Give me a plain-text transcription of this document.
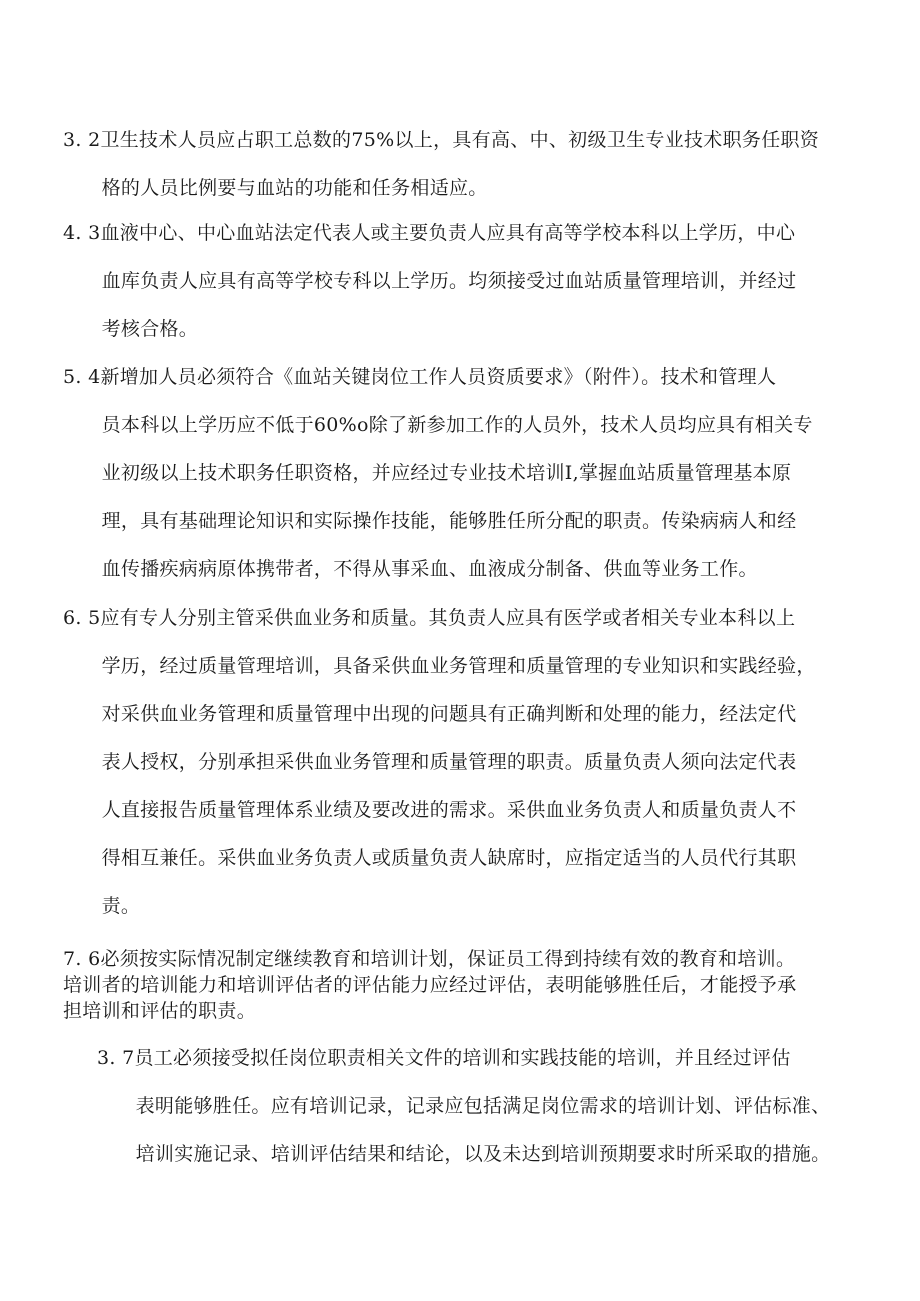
3. 2卫生技术人员应占职工总数的75%以上，具有高、中、初级卫生专业技术职务任职资
　　格的人员比例要与血站的功能和任务相适应。

4. 3血液中心、中心血站法定代表人或主要负责人应具有高等学校本科以上学历，中心
　　血库负责人应具有高等学校专科以上学历。均须接受过血站质量管理培训，并经过
　　考核合格。

5. 4新增加人员必须符合《血站关键岗位工作人员资质要求》（附件）。技术和管理人
　　员本科以上学历应不低于60%o除了新参加工作的人员外，技术人员均应具有相关专
　　业初级以上技术职务任职资格，并应经过专业技术培训I,掌握血站质量管理基本原
　　理，具有基础理论知识和实际操作技能，能够胜任所分配的职责。传染病病人和经
　　血传播疾病病原体携带者，不得从事采血、血液成分制备、供血等业务工作。

6. 5应有专人分别主管采供血业务和质量。其负责人应具有医学或者相关专业本科以上
　　学历，经过质量管理培训，具备采供血业务管理和质量管理的专业知识和实践经验，
　　对采供血业务管理和质量管理中出现的问题具有正确判断和处理的能力，经法定代
　　表人授权，分别承担采供血业务管理和质量管理的职责。质量负责人须向法定代表
　　人直接报告质量管理体系业绩及要改进的需求。采供血业务负责人和质量负责人不
　　得相互兼任。采供血业务负责人或质量负责人缺席时，应指定适当的人员代行其职
　　责。

7. 6必须按实际情况制定继续教育和培训计划，保证员工得到持续有效的教育和培训。
培训者的培训能力和培训评估者的评估能力应经过评估，表明能够胜任后，才能授予承
担培训和评估的职责。

3. 7员工必须接受拟任岗位职责相关文件的培训和实践技能的培训，并且经过评估
　　表明能够胜任。应有培训记录，记录应包括满足岗位需求的培训计划、评估标准、
　　培训实施记录、培训评估结果和结论，以及未达到培训预期要求时所采取的措施。
